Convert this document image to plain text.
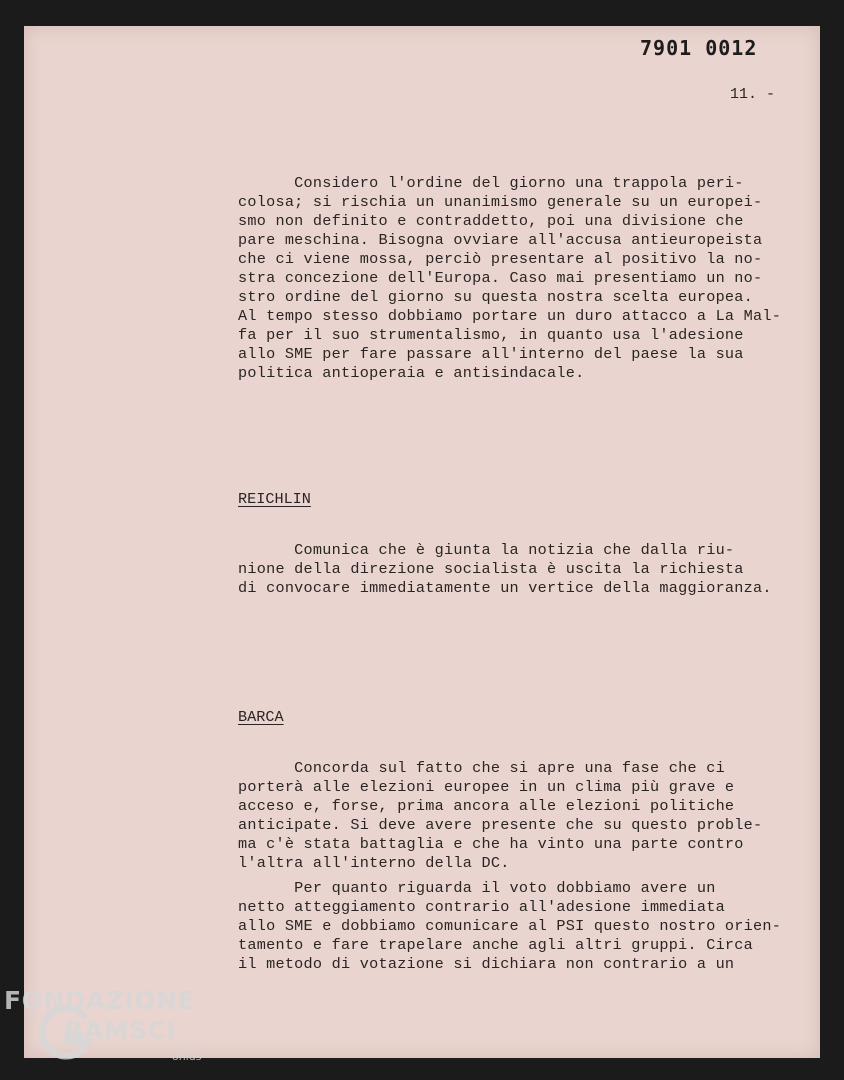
7901 0012
11. -

Considero l'ordine del giorno una trappola peri-

colosa; si rischia un unanimismo generale su un europei-

smo non definito e contraddetto, poi una divisione che

pare meschina. Bisogna ovviare all'accusa antieuropeista

che ci viene mossa, perciò presentare al positivo la no-

stra concezione dell'Europa. Caso mai presentiamo un no-

stro ordine del giorno su questa nostra scelta europea.

Al tempo stesso dobbiamo portare un duro attacco a La Mal-

fa per il suo strumentalismo, in quanto usa l'adesione

allo SME per fare passare all'interno del paese la sua

politica antioperaia e antisindacale.

REICHLIN

Comunica che è giunta la notizia che dalla riu-

nione della direzione socialista è uscita la richiesta

di convocare immediatamente un vertice della maggioranza.

BARCA

Concorda sul fatto che si apre una fase che ci

porterà alle elezioni europee in un clima più grave e

acceso e, forse, prima ancora alle elezioni politiche

anticipate. Si deve avere presente che su questo proble-

ma c'è stata battaglia e che ha vinto una parte contro

l'altra all'interno della DC.

Per quanto riguarda il voto dobbiamo avere un

netto atteggiamento contrario all'adesione immediata

allo SME e dobbiamo comunicare al PSI questo nostro orien-

tamento e fare trapelare anche agli altri gruppi. Circa

il metodo di votazione si dichiara non contrario a un

FONDAZIONE
RAMSCI
onlus
